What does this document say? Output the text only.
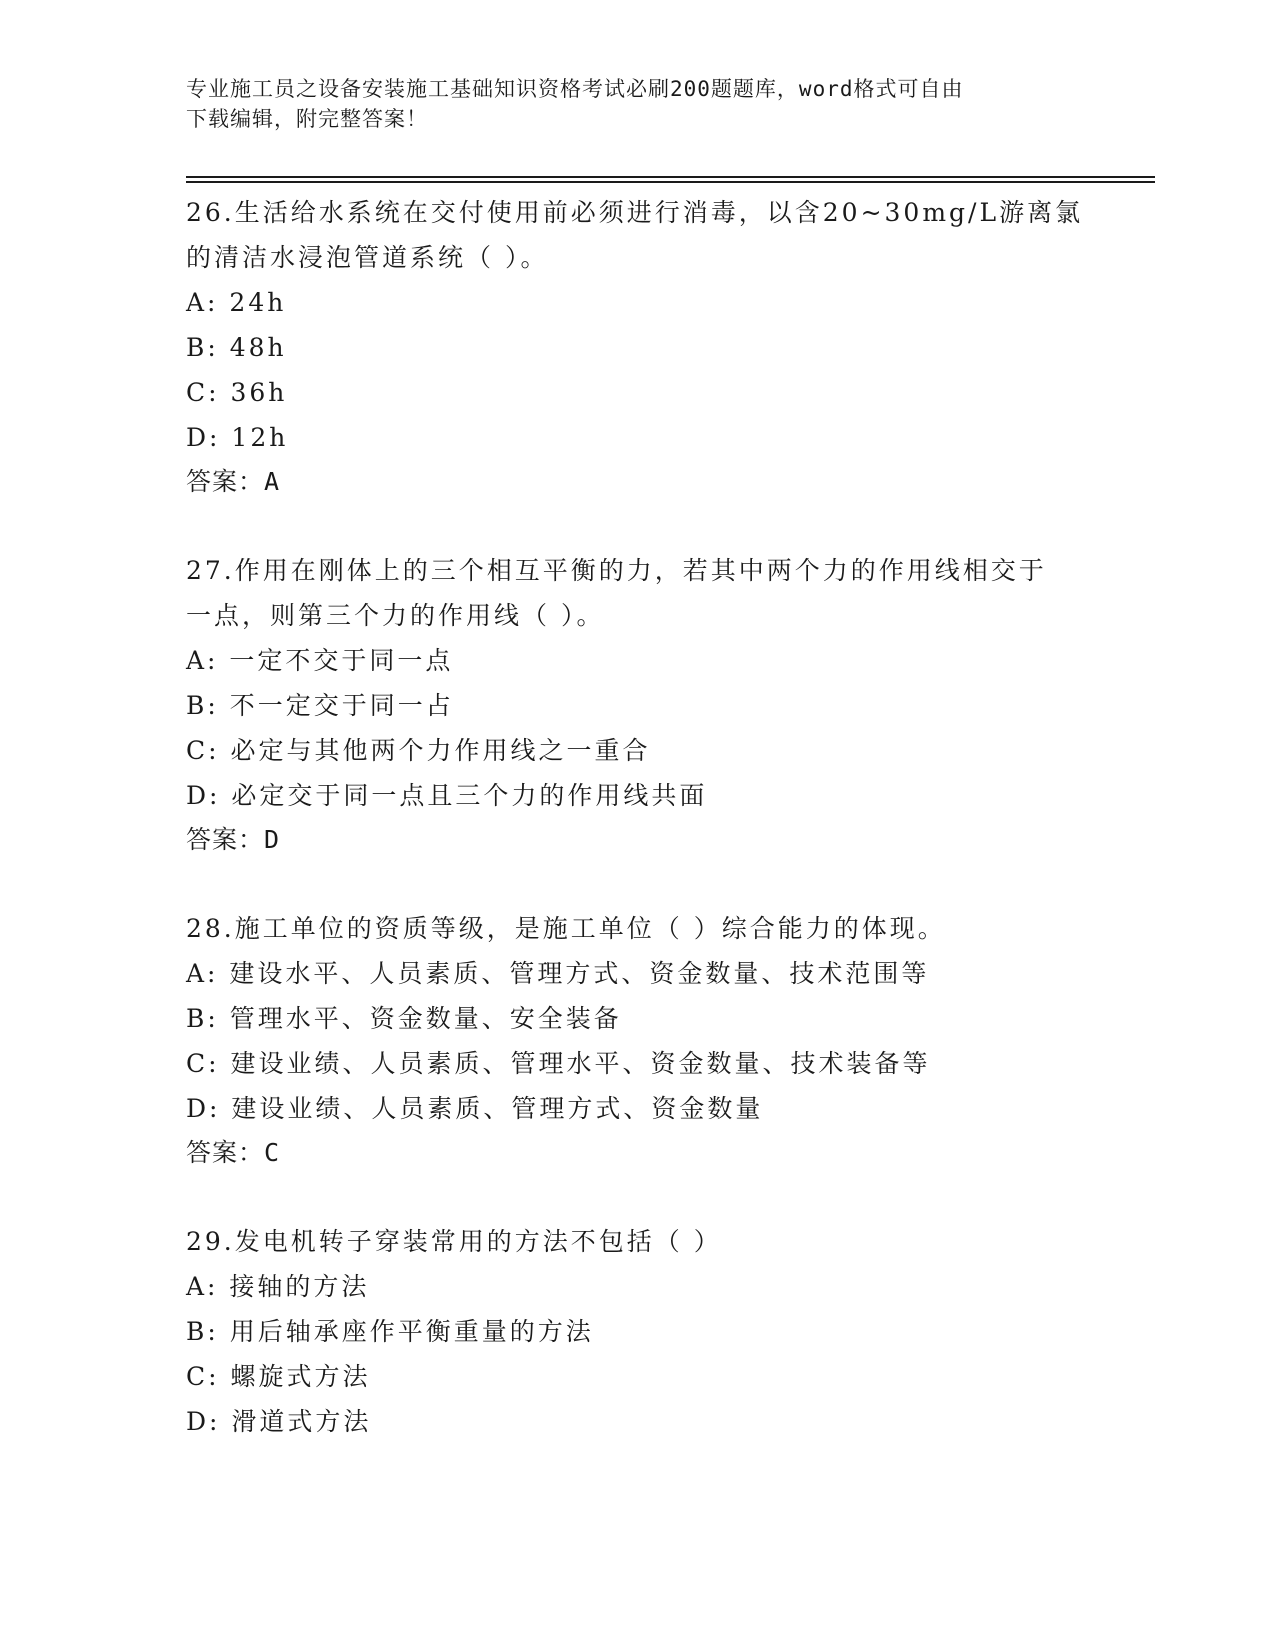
专业施工员之设备安装施工基础知识资格考试必刷200题题库，word格式可自由
下载编辑，附完整答案！

26.生活给水系统在交付使用前必须进行消毒，以含20~30mg/L游离氯

的清洁水浸泡管道系统（ ）。

A: 24h

B: 48h

C: 36h

D: 12h

答案：A

27.作用在刚体上的三个相互平衡的力，若其中两个力的作用线相交于

一点，则第三个力的作用线（ ）。

A: 一定不交于同一点

B: 不一定交于同一占

C: 必定与其他两个力作用线之一重合

D: 必定交于同一点且三个力的作用线共面

答案：D

28.施工单位的资质等级，是施工单位（ ）综合能力的体现。

A: 建设水平、人员素质、管理方式、资金数量、技术范围等

B: 管理水平、资金数量、安全装备

C: 建设业绩、人员素质、管理水平、资金数量、技术装备等

D: 建设业绩、人员素质、管理方式、资金数量

答案：C

29.发电机转子穿装常用的方法不包括（ ）

A: 接轴的方法

B: 用后轴承座作平衡重量的方法

C: 螺旋式方法

D: 滑道式方法
